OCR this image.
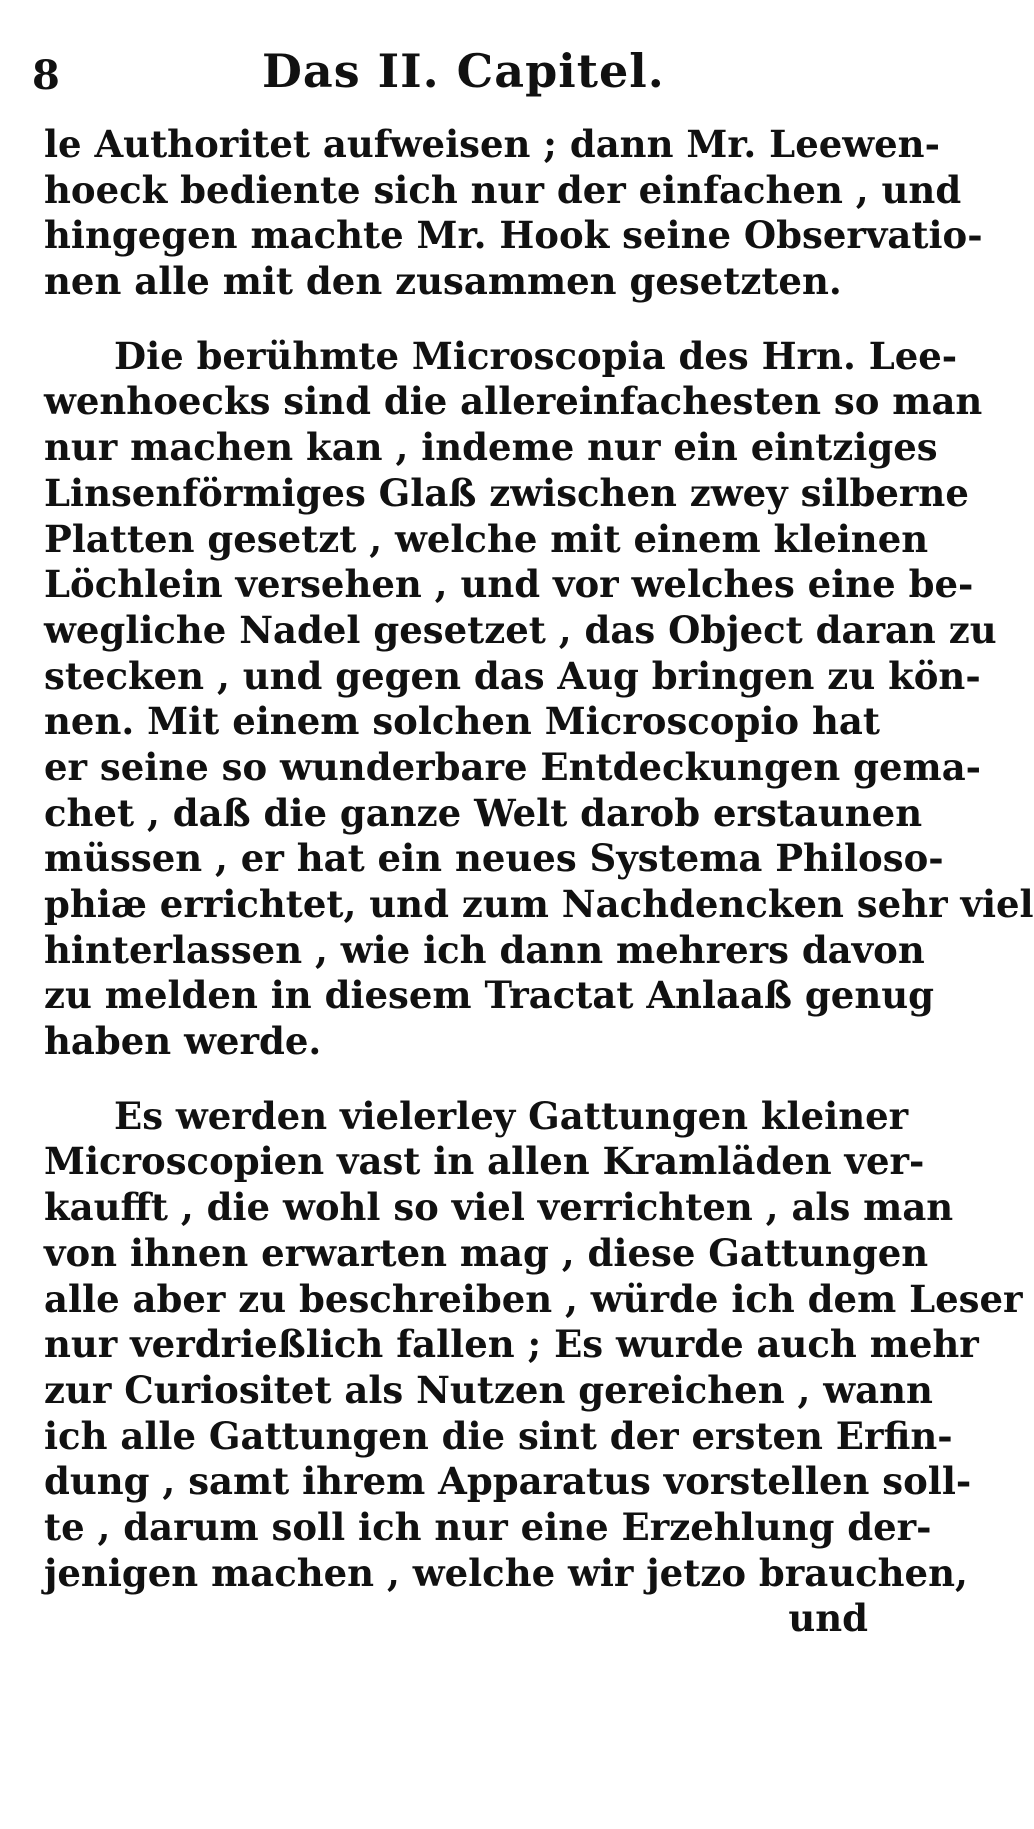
8	Das II. Capitel.
le Authoritet aufweisen ; dann Mr. Leewen-
hoeck bediente sich nur der einfachen , und
hingegen machte Mr. Hook seine Observatio-
nen alle mit den zusammen gesetzten.
Die berühmte Microscopia des Hrn. Lee-
wenhoecks sind die allereinfachesten so man
nur machen kan , indeme nur ein eintziges
Linsenförmiges Glaß zwischen zwey silberne
Platten gesetzt , welche mit einem kleinen
Löchlein versehen , und vor welches eine be-
wegliche Nadel gesetzet , das Object daran zu
stecken , und gegen das Aug bringen zu kön-
nen. Mit einem solchen Microscopio hat
er seine so wunderbare Entdeckungen gema-
chet , daß die ganze Welt darob erstaunen
müssen , er hat ein neues Systema Philoso-
phiæ errichtet, und zum Nachdencken sehr viel
hinterlassen , wie ich dann mehrers davon
zu melden in diesem Tractat Anlaaß genug
haben werde.
Es werden vielerley Gattungen kleiner
Microscopien vast in allen Kramläden ver-
kaufft , die wohl so viel verrichten , als man
von ihnen erwarten mag , diese Gattungen
alle aber zu beschreiben , würde ich dem Leser
nur verdrießlich fallen ; Es wurde auch mehr
zur Curiositet als Nutzen gereichen , wann
ich alle Gattungen die sint der ersten Erfin-
dung , samt ihrem Apparatus vorstellen soll-
te , darum soll ich nur eine Erzehlung der-
jenigen machen , welche wir jetzo brauchen,
und
